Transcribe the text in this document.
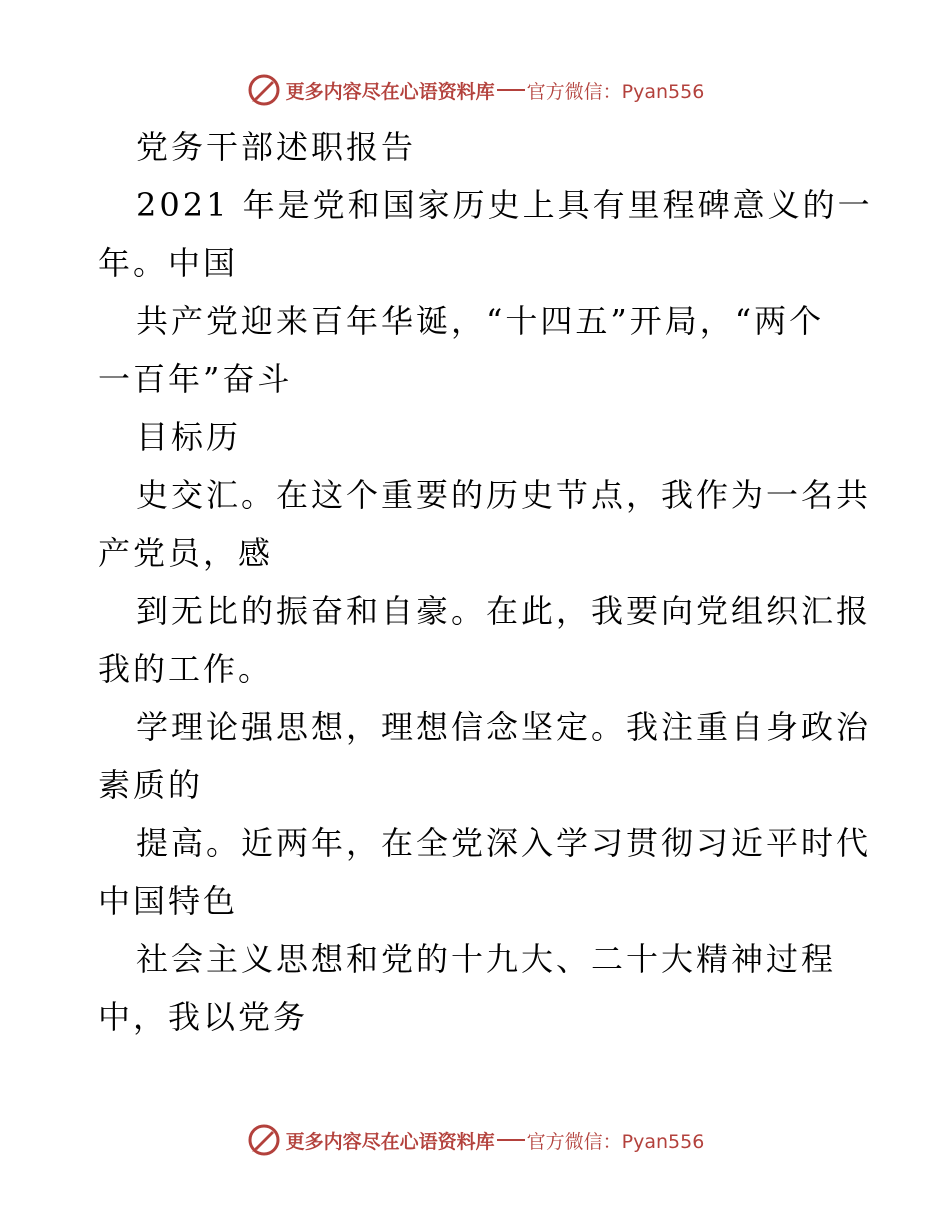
更多内容尽在心语资料库 官方微信：Pyan556
党务干部述职报告
2021 年是党和国家历史上具有里程碑意义的一
年。中国
共产党迎来百年华诞，“十四五”开局，“两个
一百年”奋斗
目标历
史交汇。在这个重要的历史节点，我作为一名共
产党员，感
到无比的振奋和自豪。在此，我要向党组织汇报
我的工作。
学理论强思想，理想信念坚定。我注重自身政治
素质的
提高。近两年，在全党深入学习贯彻习近平时代
中国特色
社会主义思想和党的十九大、二十大精神过程
中，我以党务
更多内容尽在心语资料库 官方微信：Pyan556
